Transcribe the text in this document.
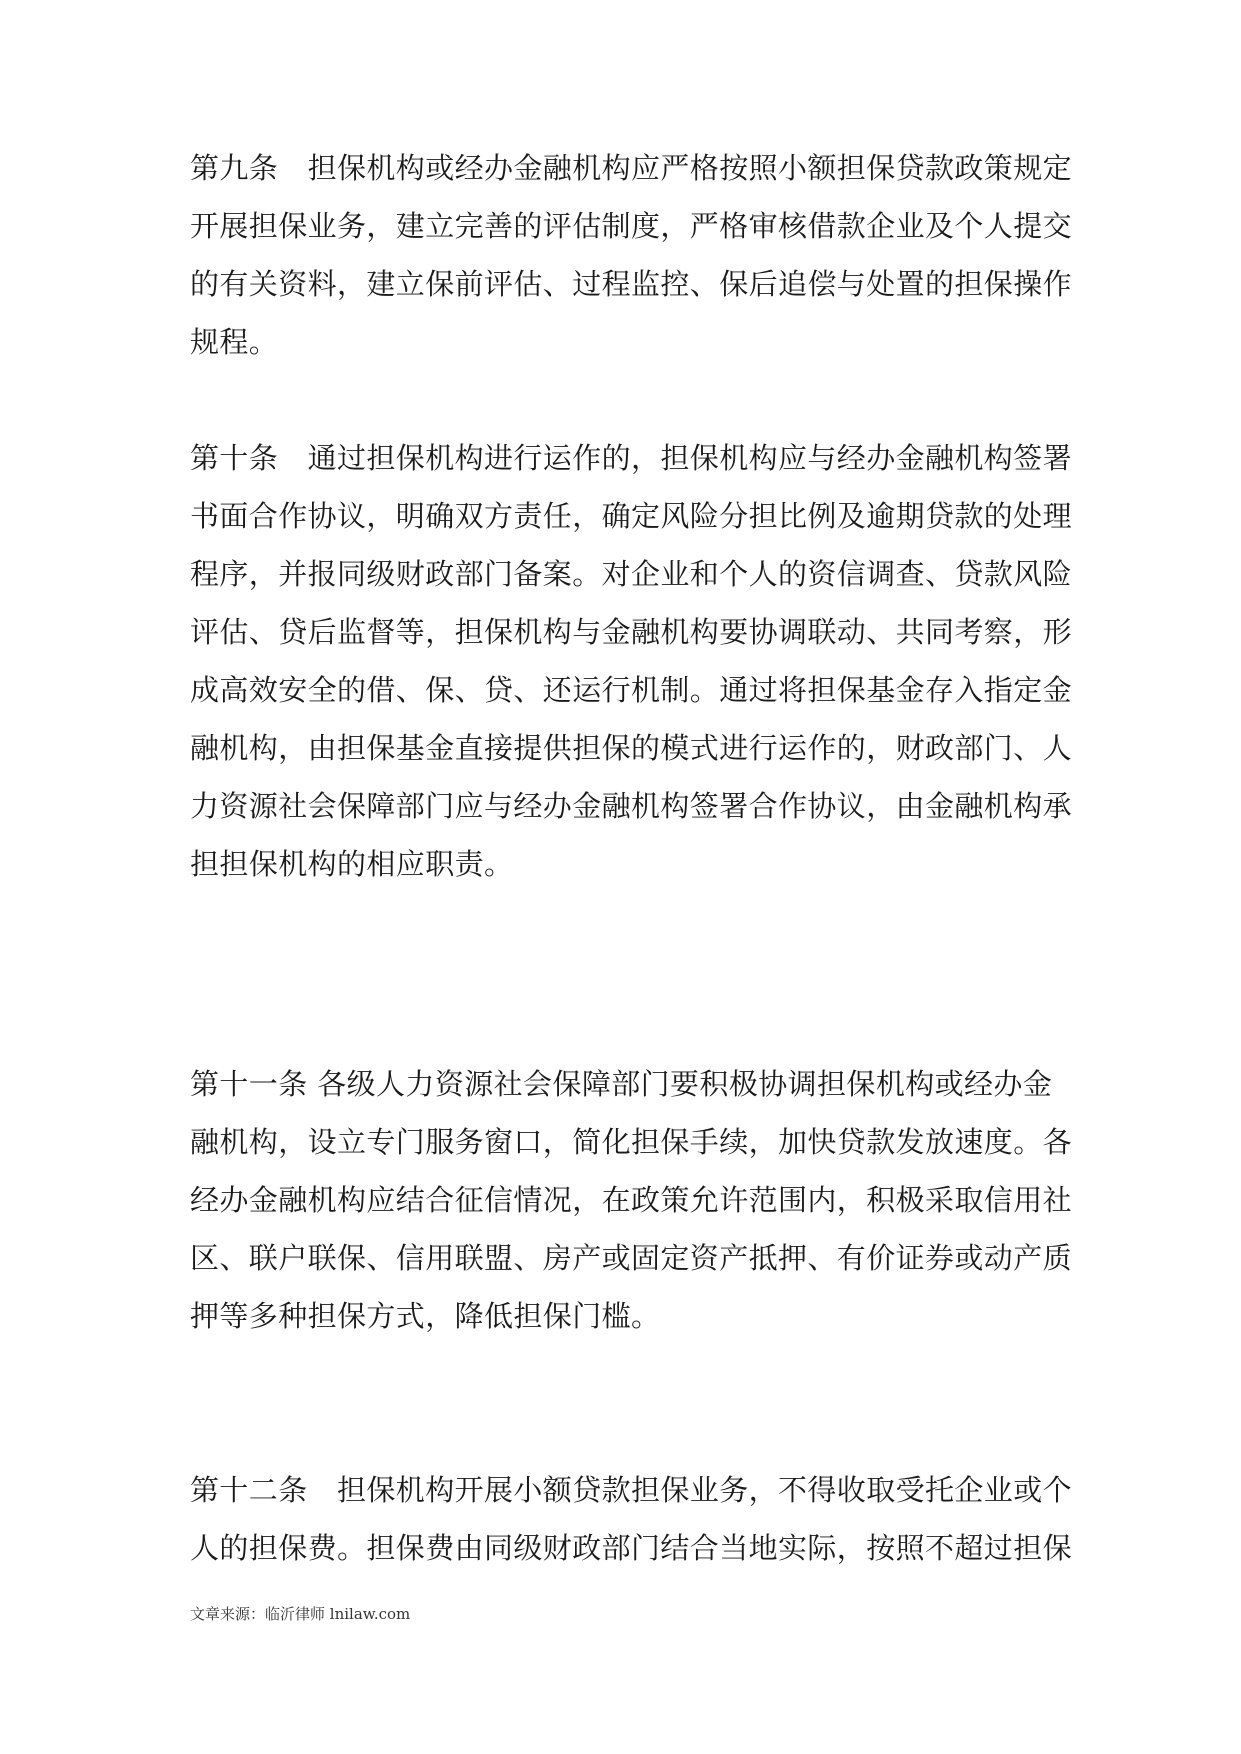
第九条　担保机构或经办金融机构应严格按照小额担保贷款政策规定
开展担保业务，建立完善的评估制度，严格审核借款企业及个人提交
的有关资料，建立保前评估、过程监控、保后追偿与处置的担保操作
规程。
第十条　通过担保机构进行运作的，担保机构应与经办金融机构签署
书面合作协议，明确双方责任，确定风险分担比例及逾期贷款的处理
程序，并报同级财政部门备案。对企业和个人的资信调查、贷款风险
评估、贷后监督等，担保机构与金融机构要协调联动、共同考察，形
成高效安全的借、保、贷、还运行机制。通过将担保基金存入指定金
融机构，由担保基金直接提供担保的模式进行运作的，财政部门、人
力资源社会保障部门应与经办金融机构签署合作协议，由金融机构承
担担保机构的相应职责。
第十一条 各级人力资源社会保障部门要积极协调担保机构或经办金
融机构，设立专门服务窗口，简化担保手续，加快贷款发放速度。各
经办金融机构应结合征信情况，在政策允许范围内，积极采取信用社
区、联户联保、信用联盟、房产或固定资产抵押、有价证券或动产质
押等多种担保方式，降低担保门槛。
第十二条　担保机构开展小额贷款担保业务，不得收取受托企业或个
人的担保费。担保费由同级财政部门结合当地实际，按照不超过担保
文章来源：临沂律师 lnilaw.com
